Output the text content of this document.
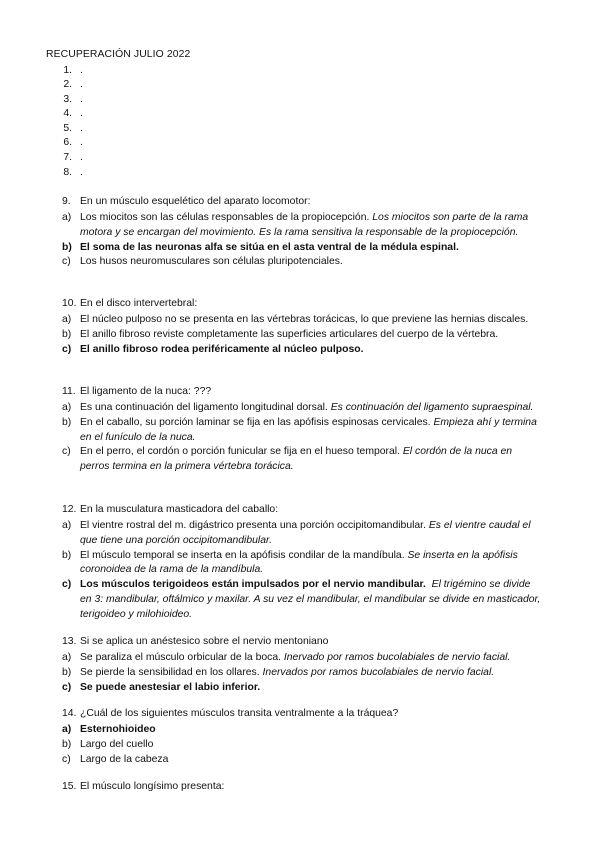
RECUPERACIÓN JULIO 2022
1. .
2. .
3. .
4. .
5. .
6. .
7. .
8. .
9. En un músculo esquelético del aparato locomotor:
a) Los miocitos son las células responsables de la propiocepción. Los miocitos son parte de la rama motora y se encargan del movimiento. Es la rama sensitiva la responsable de la propiocepción.
b) El soma de las neuronas alfa se sitúa en el asta ventral de la médula espinal.
c) Los husos neuromusculares son células pluripotenciales.
10. En el disco intervertebral:
a) El núcleo pulposo no se presenta en las vértebras torácicas, lo que previene las hernias discales.
b) El anillo fibroso reviste completamente las superficies articulares del cuerpo de la vértebra.
c) El anillo fibroso rodea periféricamente al núcleo pulposo.
11. El ligamento de la nuca: ???
a) Es una continuación del ligamento longitudinal dorsal. Es continuación del ligamento supraespinal.
b) En el caballo, su porción laminar se fija en las apófisis espinosas cervicales. Empieza ahí y termina en el funículo de la nuca.
c) En el perro, el cordón o porción funicular se fija en el hueso temporal. El cordón de la nuca en perros termina en la primera vértebra torácica.
12. En la musculatura masticadora del caballo:
a) El vientre rostral del m. digástrico presenta una porción occipitomandibular. Es el vientre caudal el que tiene una porción occipitomandibular.
b) El músculo temporal se inserta en la apófisis condilar de la mandíbula. Se inserta en la apófisis coronoidea de la rama de la mandíbula.
c) Los músculos terigoideos están impulsados por el nervio mandibular. El trigémino se divide en 3: mandibular, oftálmico y maxilar. A su vez el mandibular, el mandibular se divide en masticador, terigoideo y milohioideo.
13. Si se aplica un anéstesico sobre el nervio mentoniano
a) Se paraliza el músculo orbicular de la boca. Inervado por ramos bucolabiales de nervio facial.
b) Se pierde la sensibilidad en los ollares. Inervados por ramos bucolabiales de nervio facial.
c) Se puede anestesiar el labio inferior.
14. ¿Cuál de los siguientes músculos transita ventralmente a la tráquea?
a) Esternohioideo
b) Largo del cuello
c) Largo de la cabeza
15. El músculo longísimo presenta:
